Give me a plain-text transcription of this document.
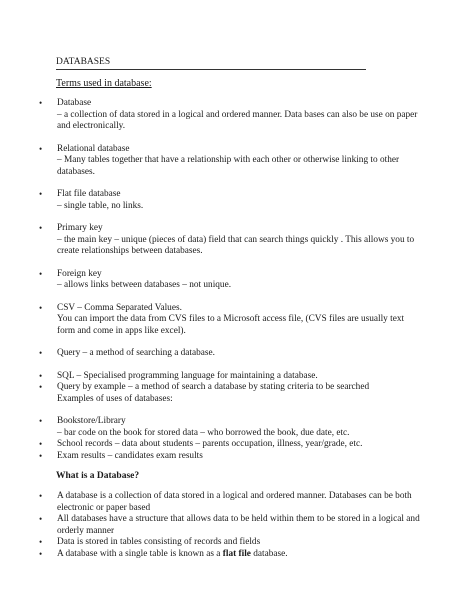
DATABASES
Terms used in database:
• Database
– a collection of data stored in a logical and ordered manner. Data bases can also be use on paper and electronically.
• Relational database
– Many tables together that have a relationship with each other or otherwise linking to other databases.
• Flat file database
– single table, no links.
• Primary key
– the main key – unique (pieces of data) field that can search things quickly . This allows you to create relationships between databases.
• Foreign key
– allows links between databases – not unique.
• CSV – Comma Separated Values.
You can import the data from CVS files to a Microsoft access file, (CVS files are usually text form and come in apps like excel).
• Query – a method of searching a database.
• SQL – Specialised programming language for maintaining a database.
• Query by example – a method of search a database by stating criteria to be searched
Examples of uses of databases:
• Bookstore/Library
– bar code on the book for stored data – who borrowed the book, due date, etc.
• School records – data about students – parents occupation, illness, year/grade, etc.
• Exam results – candidates exam results
What is a Database?
• A database is a collection of data stored in a logical and ordered manner. Databases can be both electronic or paper based
• All databases have a structure that allows data to be held within them to be stored in a logical and orderly manner
• Data is stored in tables consisting of records and fields
• A database with a single table is known as a flat file database.
